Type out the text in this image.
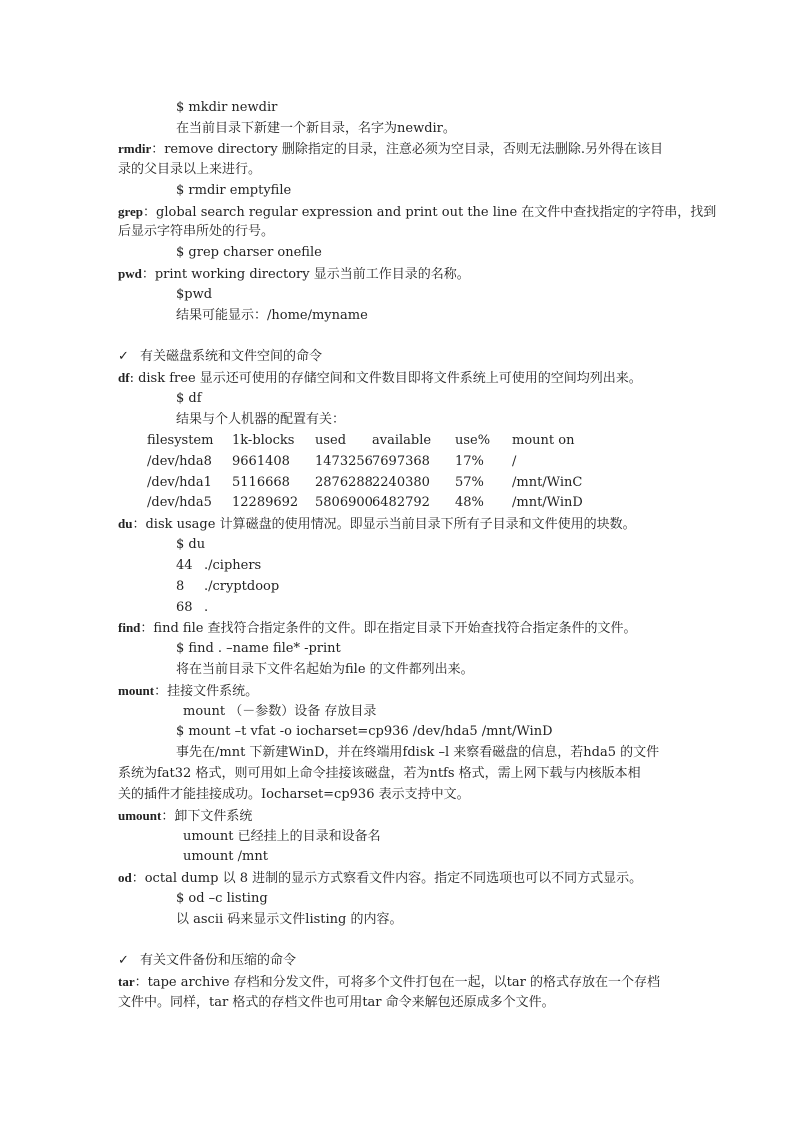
$ mkdir newdir
在当前目录下新建一个新目录，名字为newdir。
rmdir：remove directory 删除指定的目录，注意必须为空目录，否则无法删除.另外得在该目
录的父目录以上来进行。
$ rmdir emptyfile
grep：global search regular expression and print out the line 在文件中查找指定的字符串，找到
后显示字符串所处的行号。
$ grep charser onefile
pwd：print working directory 显示当前工作目录的名称。
$pwd
结果可能显示：/home/myname
✓ 有关磁盘系统和文件空间的命令
df: disk free 显示还可使用的存储空间和文件数目即将文件系统上可使用的空间均列出来。
$ df
结果与个人机器的配置有关：
filesystem 1k-blocks used available use% mount on
/dev/hda8 9661408 1473256 7697368 17% /
/dev/hda1 5116668 2876288 2240380 57% /mnt/WinC
/dev/hda5 12289692 5806900 6482792 48% /mnt/WinD
du：disk usage 计算磁盘的使用情况。即显示当前目录下所有子目录和文件使用的块数。
$ du
44 ./ciphers
8 ./cryptdoop
68 .
find：find file 查找符合指定条件的文件。即在指定目录下开始查找符合指定条件的文件。
$ find . –name file* -print
将在当前目录下文件名起始为file 的文件都列出来。
mount：挂接文件系统。
mount （－参数）设备 存放目录
$ mount –t vfat -o iocharset=cp936 /dev/hda5 /mnt/WinD
事先在/mnt 下新建WinD，并在终端用fdisk –l 来察看磁盘的信息，若hda5 的文件
系统为fat32 格式，则可用如上命令挂接该磁盘，若为ntfs 格式，需上网下载与内核版本相
关的插件才能挂接成功。Iocharset=cp936 表示支持中文。
umount：卸下文件系统
umount 已经挂上的目录和设备名
umount /mnt
od：octal dump 以 8 进制的显示方式察看文件内容。指定不同选项也可以不同方式显示。
$ od –c listing
以 ascii 码来显示文件listing 的内容。
✓ 有关文件备份和压缩的命令
tar：tape archive 存档和分发文件，可将多个文件打包在一起，以tar 的格式存放在一个存档
文件中。同样，tar 格式的存档文件也可用tar 命令来解包还原成多个文件。
